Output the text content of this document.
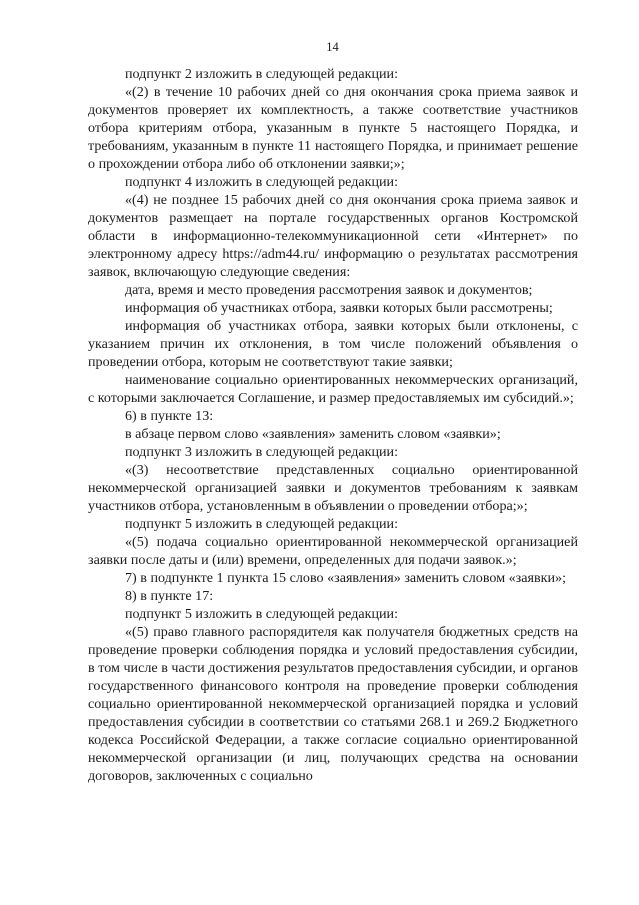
14

подпункт 2 изложить в следующей редакции:

«(2) в течение 10 рабочих дней со дня окончания срока приема заявок и документов проверяет их комплектность, а также соответствие участников отбора критериям отбора, указанным в пункте 5 настоящего Порядка, и требованиям, указанным в пункте 11 настоящего Порядка, и принимает решение о прохождении отбора либо об отклонении заявки;»;

подпункт 4 изложить в следующей редакции:

«(4) не позднее 15 рабочих дней со дня окончания срока приема заявок и документов размещает на портале государственных органов Костромской области в информационно-телекоммуникационной сети «Интернет» по электронному адресу https://adm44.ru/ информацию о результатах рассмотрения заявок, включающую следующие сведения:

дата, время и место проведения рассмотрения заявок и документов;

информация об участниках отбора, заявки которых были рассмотрены;

информация об участниках отбора, заявки которых были отклонены, с указанием причин их отклонения, в том числе положений объявления о проведении отбора, которым не соответствуют такие заявки;

наименование социально ориентированных некоммерческих организаций, с которыми заключается Соглашение, и размер предоставляемых им субсидий.»;

6) в пункте 13:

в абзаце первом слово «заявления» заменить словом «заявки»;

подпункт 3 изложить в следующей редакции:

«(3) несоответствие представленных социально ориентированной некоммерческой организацией заявки и документов требованиям к заявкам участников отбора, установленным в объявлении о проведении отбора;»;

подпункт 5 изложить в следующей редакции:

«(5) подача социально ориентированной некоммерческой организацией заявки после даты и (или) времени, определенных для подачи заявок.»;

7) в подпункте 1 пункта 15 слово «заявления» заменить словом «заявки»;

8) в пункте 17:

подпункт 5 изложить в следующей редакции:

«(5) право главного распорядителя как получателя бюджетных средств на проведение проверки соблюдения порядка и условий предоставления субсидии, в том числе в части достижения результатов предоставления субсидии, и органов государственного финансового контроля на проведение проверки соблюдения социально ориентированной некоммерческой организацией порядка и условий предоставления субсидии в соответствии со статьями 268.1 и 269.2 Бюджетного кодекса Российской Федерации, а также согласие социально ориентированной некоммерческой организации (и лиц, получающих средства на основании договоров, заключенных с социально
